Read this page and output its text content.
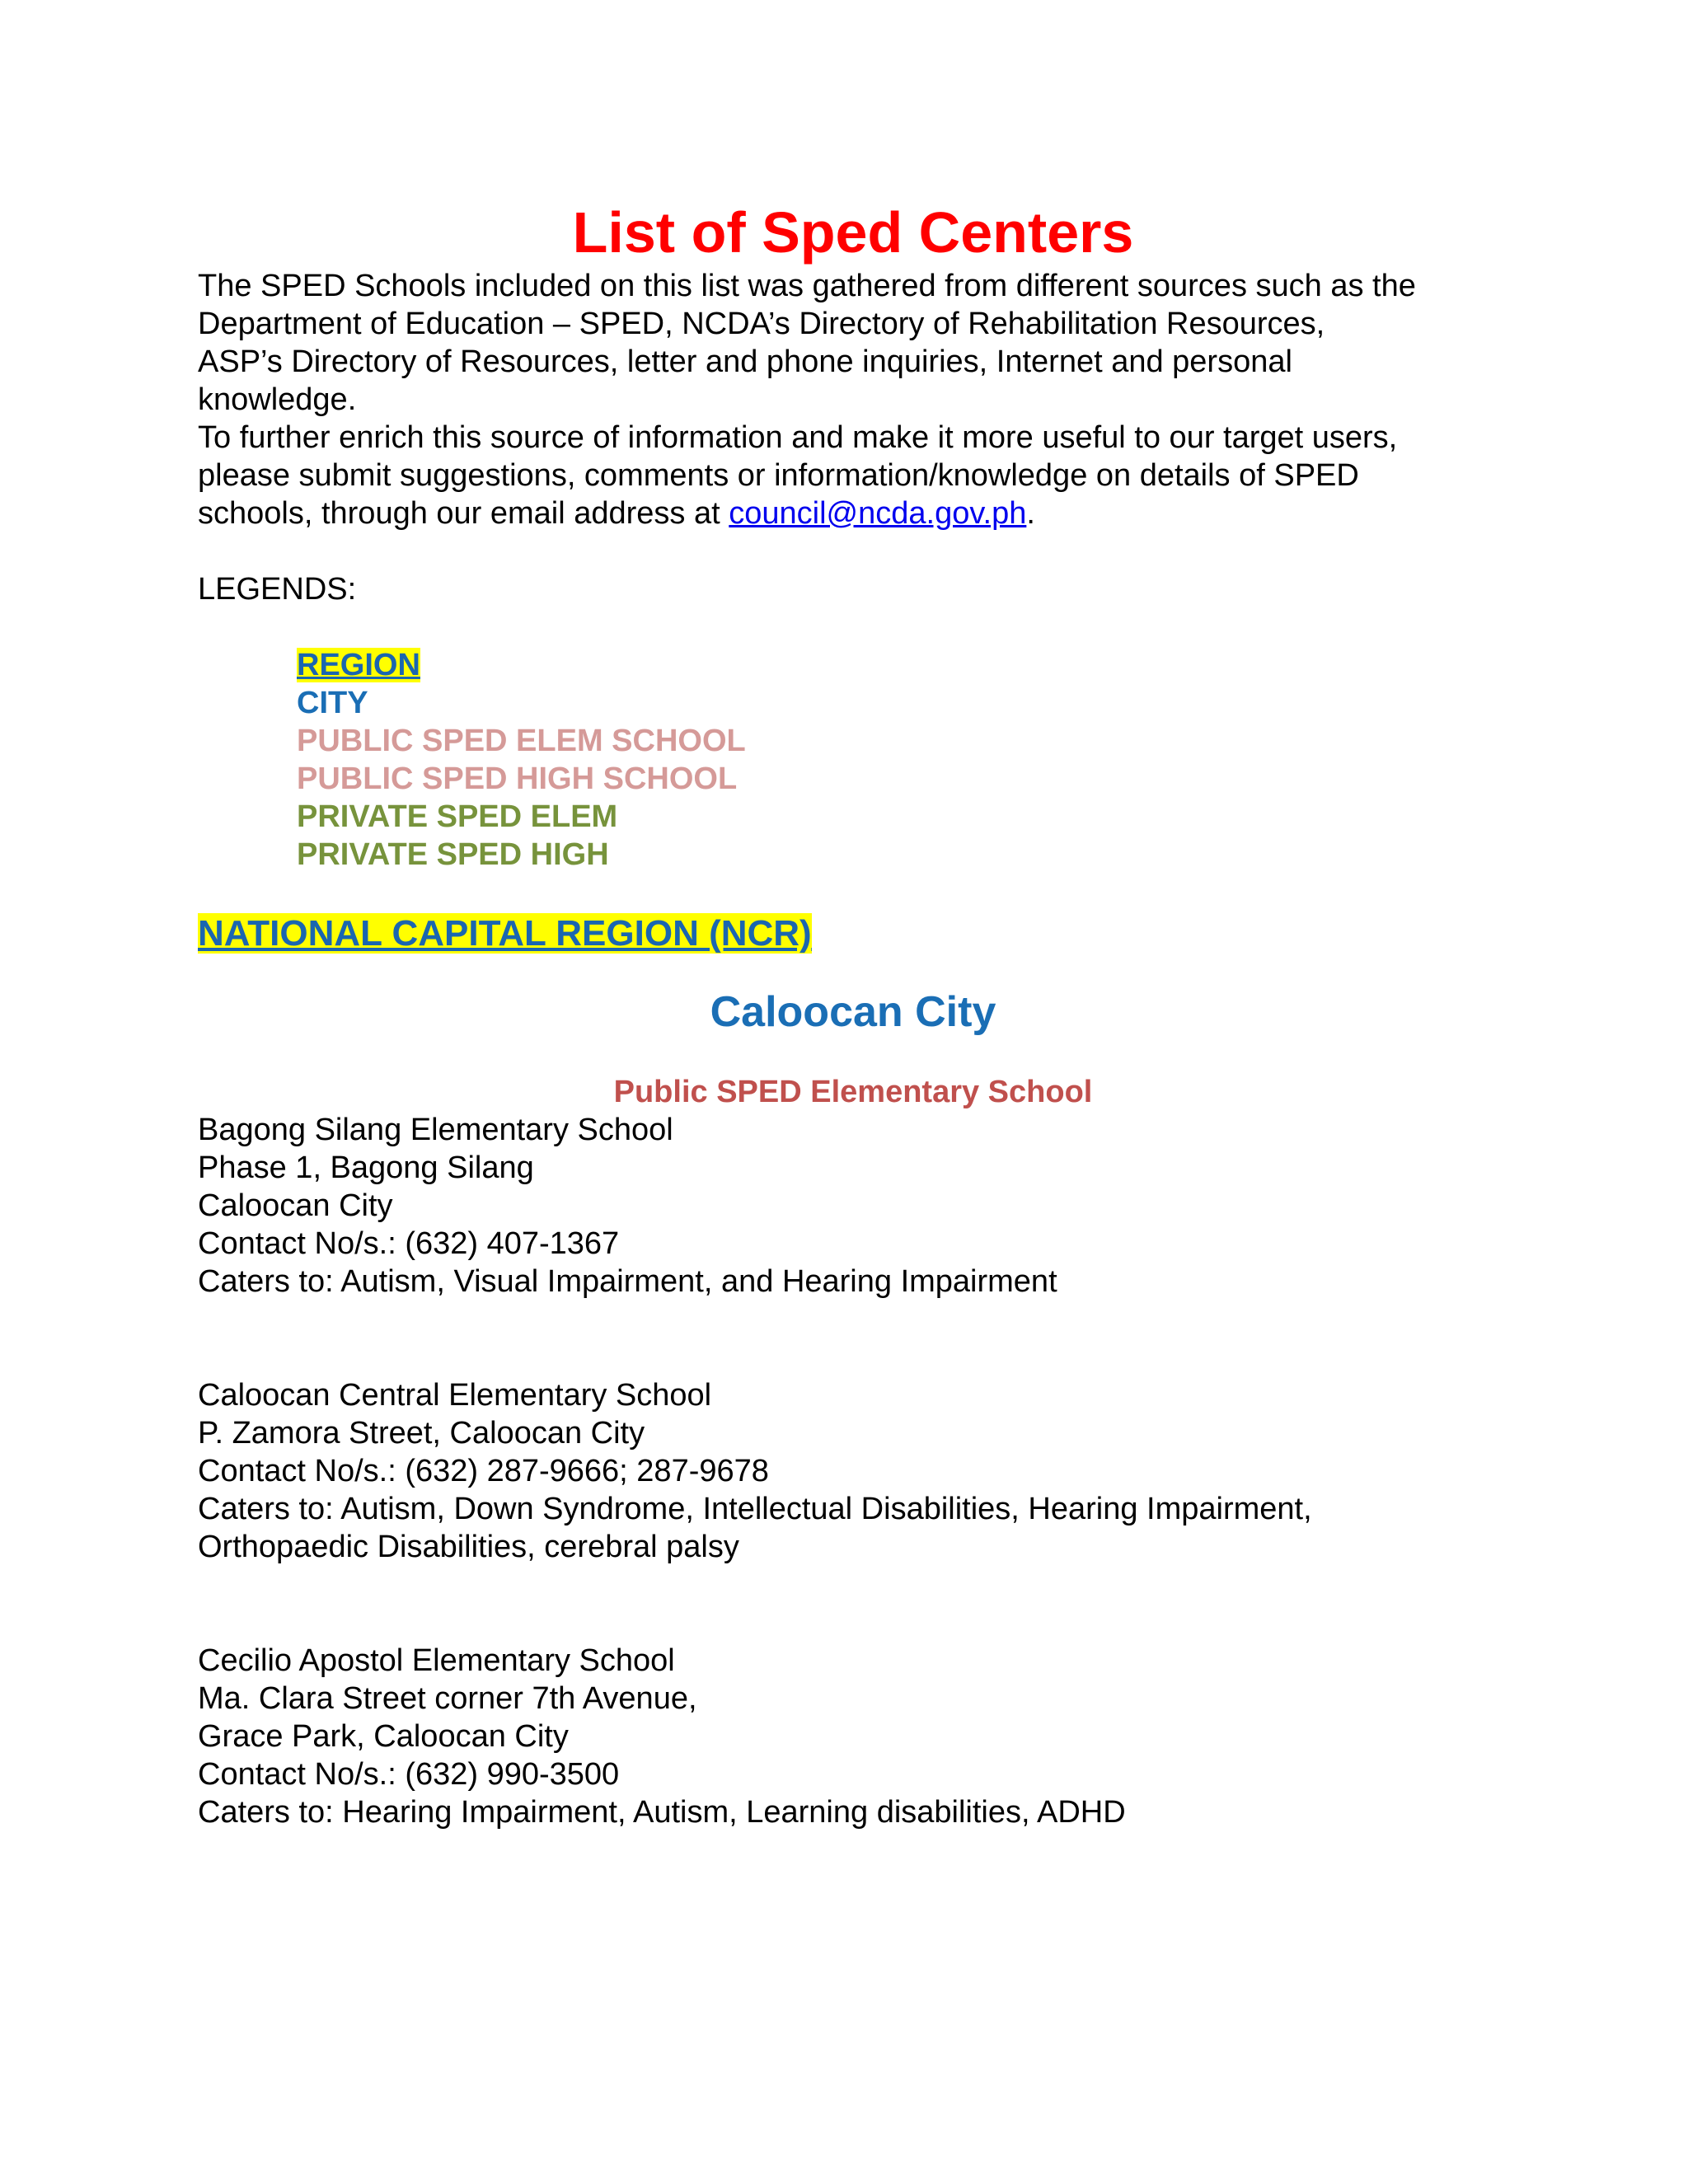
List of Sped Centers

The SPED Schools included on this list was gathered from different sources such as the

Department of Education – SPED, NCDA’s Directory of Rehabilitation Resources,

ASP’s Directory of Resources, letter and phone inquiries, Internet and personal

knowledge.

To further enrich this source of information and make it more useful to our target users,

please submit suggestions, comments or information/knowledge on details of SPED

schools, through our email address at council@ncda.gov.ph.

LEGENDS:

REGION
CITY
PUBLIC SPED ELEM SCHOOL
PUBLIC SPED HIGH SCHOOL
PRIVATE SPED ELEM
PRIVATE SPED HIGH

NATIONAL CAPITAL REGION (NCR)

Caloocan City
Public SPED Elementary School

Bagong Silang Elementary School

Phase 1, Bagong Silang

Caloocan City

Contact No/s.: (632) 407-1367

Caters to: Autism, Visual Impairment, and Hearing Impairment

Caloocan Central Elementary School

P. Zamora Street, Caloocan City

Contact No/s.: (632) 287-9666; 287-9678

Caters to: Autism, Down Syndrome, Intellectual Disabilities, Hearing Impairment,

Orthopaedic Disabilities, cerebral palsy

Cecilio Apostol Elementary School

Ma. Clara Street corner 7th Avenue,

Grace Park, Caloocan City

Contact No/s.: (632) 990-3500

Caters to: Hearing Impairment, Autism, Learning disabilities, ADHD
